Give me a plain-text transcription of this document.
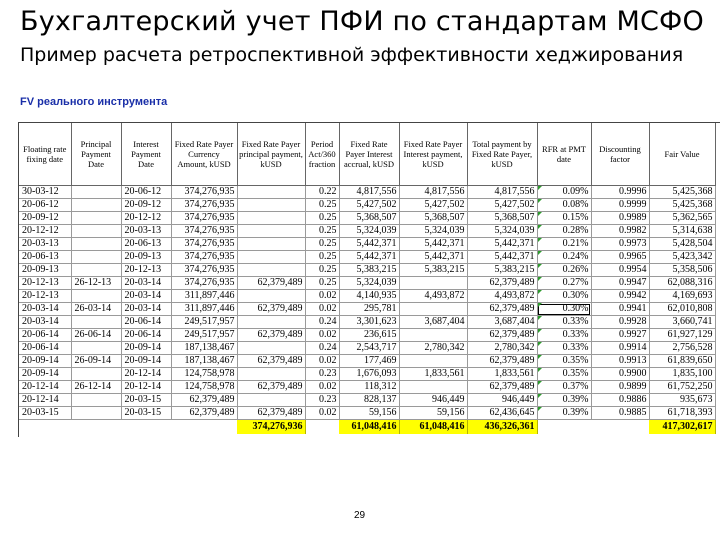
Бухгалтерский учет ПФИ по стандартам МСФО
Пример расчета ретроспективной эффективности хеджирования
FV реального инструмента
Floating rate fixing date	Principal Payment Date	Interest Payment Date	Fixed Rate Payer Currency Amount, kUSD	Fixed Rate Payer principal payment, kUSD	Period Act/360 fraction	Fixed Rate Payer Interest accrual, kUSD	Fixed Rate Payer Interest payment, kUSD	Total payment by Fixed Rate Payer, kUSD	RFR at PMT date	Discounting factor	Fair Value
30-03-12		20-06-12	374,276,935		0.22	4,817,556	4,817,556	4,817,556	0.09%	0.9996	5,425,368
20-06-12		20-09-12	374,276,935		0.25	5,427,502	5,427,502	5,427,502	0.08%	0.9999	5,425,368
20-09-12		20-12-12	374,276,935		0.25	5,368,507	5,368,507	5,368,507	0.15%	0.9989	5,362,565
20-12-12		20-03-13	374,276,935		0.25	5,324,039	5,324,039	5,324,039	0.28%	0.9982	5,314,638
20-03-13		20-06-13	374,276,935		0.25	5,442,371	5,442,371	5,442,371	0.21%	0.9973	5,428,504
20-06-13		20-09-13	374,276,935		0.25	5,442,371	5,442,371	5,442,371	0.24%	0.9965	5,423,342
20-09-13		20-12-13	374,276,935		0.25	5,383,215	5,383,215	5,383,215	0.26%	0.9954	5,358,506
20-12-13	26-12-13	20-03-14	374,276,935	62,379,489	0.25	5,324,039		62,379,489	0.27%	0.9947	62,088,316
20-12-13		20-03-14	311,897,446		0.02	4,140,935	4,493,872	4,493,872	0.30%	0.9942	4,169,693
20-03-14	26-03-14	20-03-14	311,897,446	62,379,489	0.02	295,781		62,379,489	0.30%	0.9941	62,010,808
20-03-14		20-06-14	249,517,957		0.24	3,301,623	3,687,404	3,687,404	0.33%	0.9928	3,660,741
20-06-14	26-06-14	20-06-14	249,517,957	62,379,489	0.02	236,615		62,379,489	0.33%	0.9927	61,927,129
20-06-14		20-09-14	187,138,467		0.24	2,543,717	2,780,342	2,780,342	0.33%	0.9914	2,756,528
20-09-14	26-09-14	20-09-14	187,138,467	62,379,489	0.02	177,469		62,379,489	0.35%	0.9913	61,839,650
20-09-14		20-12-14	124,758,978		0.23	1,676,093	1,833,561	1,833,561	0.35%	0.9900	1,835,100
20-12-14	26-12-14	20-12-14	124,758,978	62,379,489	0.02	118,312		62,379,489	0.37%	0.9899	61,752,250
20-12-14		20-03-15	62,379,489		0.23	828,137	946,449	946,449	0.39%	0.9886	935,673
20-03-15		20-03-15	62,379,489	62,379,489	0.02	59,156	59,156	62,436,645	0.39%	0.9885	61,718,393
				374,276,936		61,048,416	61,048,416	436,326,361			417,302,617
29
